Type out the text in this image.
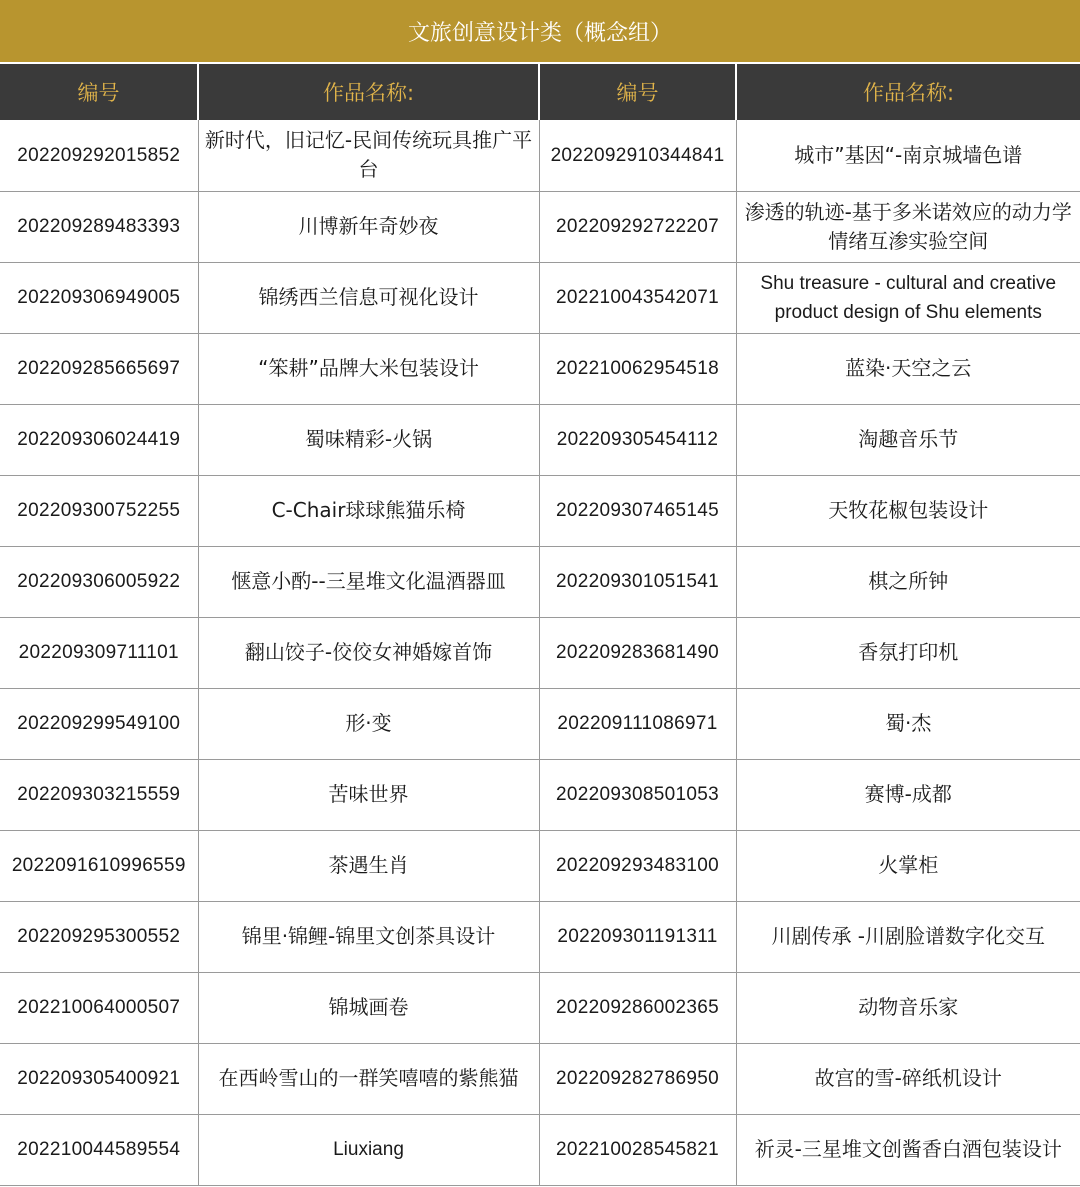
文旅创意设计类（概念组）
编号	作品名称:	编号	作品名称:
202209292015852	新时代，旧记忆-民间传统玩具推广平台	2022092910344841	城市”基因“-南京城墙色谱
202209289483393	川博新年奇妙夜	202209292722207	渗透的轨迹-基于多米诺效应的动力学情绪互渗实验空间
202209306949005	锦绣西兰信息可视化设计	202210043542071	Shu treasure - cultural and creative product design of Shu elements
202209285665697	“笨耕”品牌大米包装设计	202210062954518	蓝染·天空之云
202209306024419	蜀味精彩-火锅	202209305454112	淘趣音乐节
202209300752255	C-Chair球球熊猫乐椅	202209307465145	天牧花椒包装设计
202209306005922	惬意小酌--三星堆文化温酒器皿	202209301051541	棋之所钟
202209309711101	翻山饺子-佼佼女神婚嫁首饰	202209283681490	香氛打印机
202209299549100	形·变	202209111086971	蜀·杰
202209303215559	苦味世界	202209308501053	赛博-成都
2022091610996559	茶遇生肖	202209293483100	火掌柜
202209295300552	锦里·锦鲤-锦里文创茶具设计	202209301191311	川剧传承 -川剧脸谱数字化交互
202210064000507	锦城画卷	202209286002365	动物音乐家
202209305400921	在西岭雪山的一群笑嘻嘻的紫熊猫	202209282786950	故宫的雪-碎纸机设计
202210044589554	Liuxiang	202210028545821	祈灵-三星堆文创酱香白酒包装设计
